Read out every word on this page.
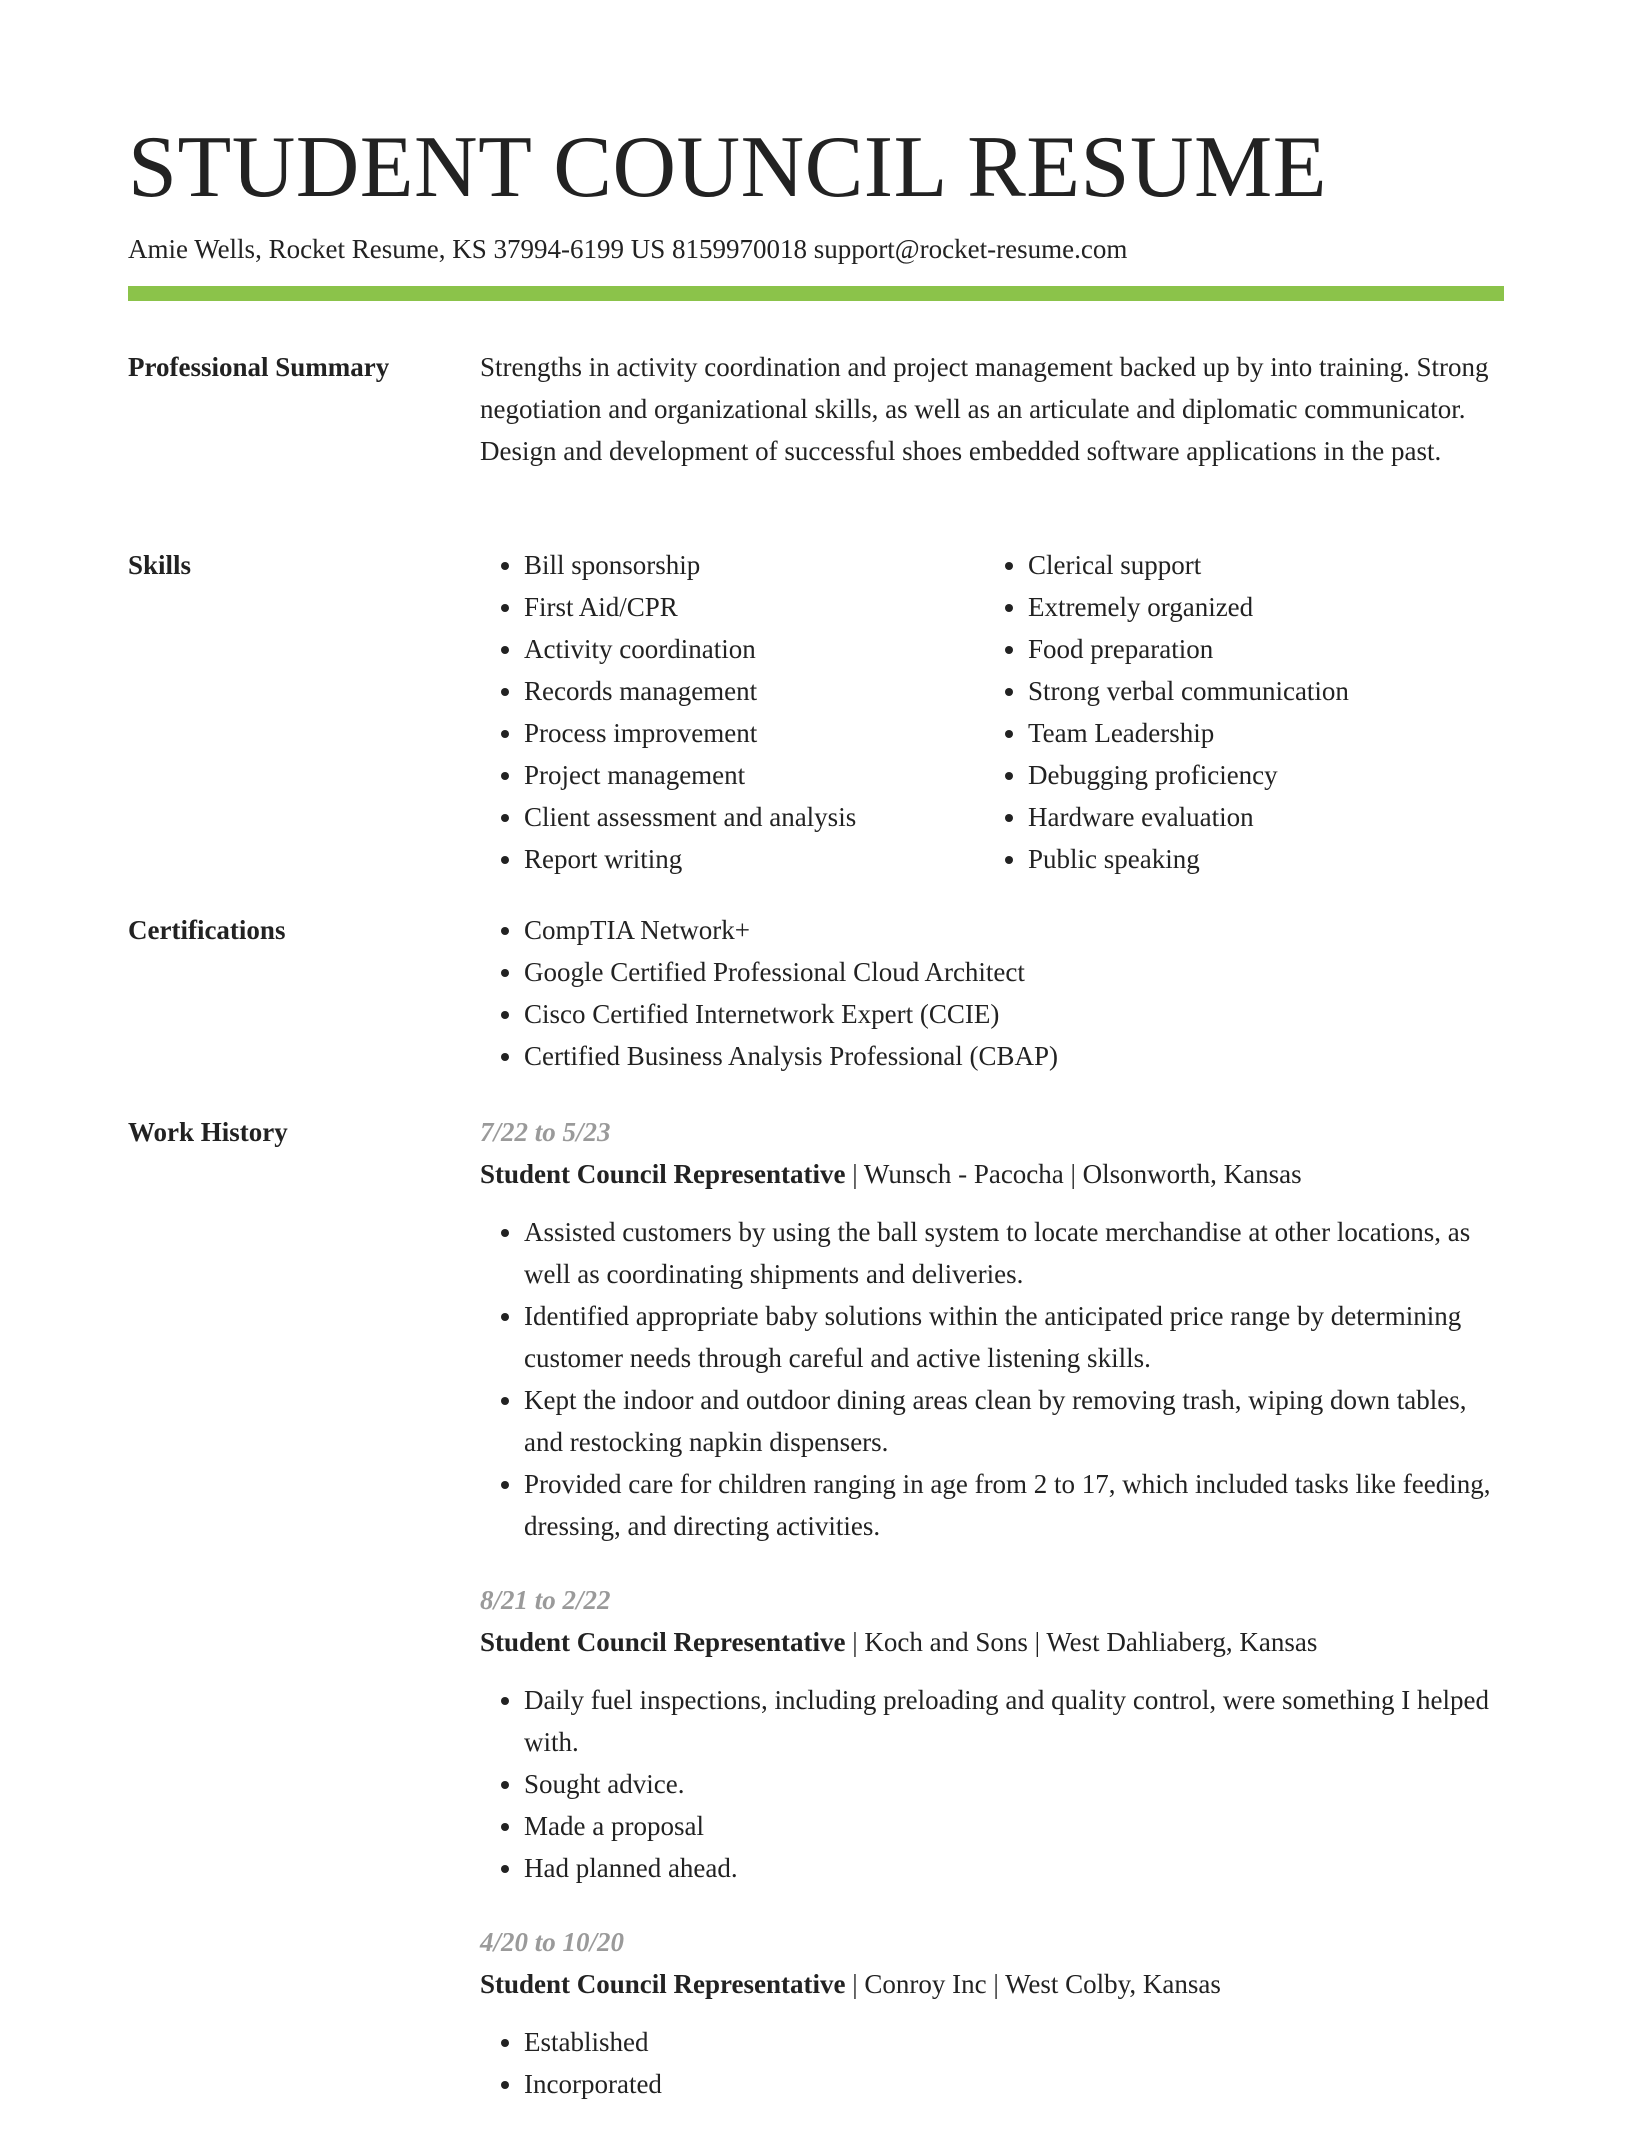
STUDENT COUNCIL RESUME
Amie Wells, Rocket Resume, KS 37994-6199 US 8159970018 support@rocket-resume.com
Professional Summary	Strengths in activity coordination and project management backed up by into training. Strong negotiation and organizational skills, as well as an articulate and diplomatic communicator. Design and development of successful shoes embedded software applications in the past.

Skills	• Bill sponsorship
• First Aid/CPR
• Activity coordination
• Records management
• Process improvement
• Project management
• Client assessment and analysis
• Report writing
• Clerical support
• Extremely organized
• Food preparation
• Strong verbal communication
• Team Leadership
• Debugging proficiency
• Hardware evaluation
• Public speaking
Certifications	• CompTIA Network+
• Google Certified Professional Cloud Architect
• Cisco Certified Internetwork Expert (CCIE)
• Certified Business Analysis Professional (CBAP)
Work History	7/22 to 5/23
Student Council Representative | Wunsch - Pacocha | Olsonworth, Kansas
• Assisted customers by using the ball system to locate merchandise at other locations, as well as coordinating shipments and deliveries.
• Identified appropriate baby solutions within the anticipated price range by determining customer needs through careful and active listening skills.
• Kept the indoor and outdoor dining areas clean by removing trash, wiping down tables, and restocking napkin dispensers.
• Provided care for children ranging in age from 2 to 17, which included tasks like feeding, dressing, and directing activities.
8/21 to 2/22
Student Council Representative | Koch and Sons | West Dahliaberg, Kansas
• Daily fuel inspections, including preloading and quality control, were something I helped with.
• Sought advice.
• Made a proposal
• Had planned ahead.
4/20 to 10/20
Student Council Representative | Conroy Inc | West Colby, Kansas
• Established
• Incorporated
